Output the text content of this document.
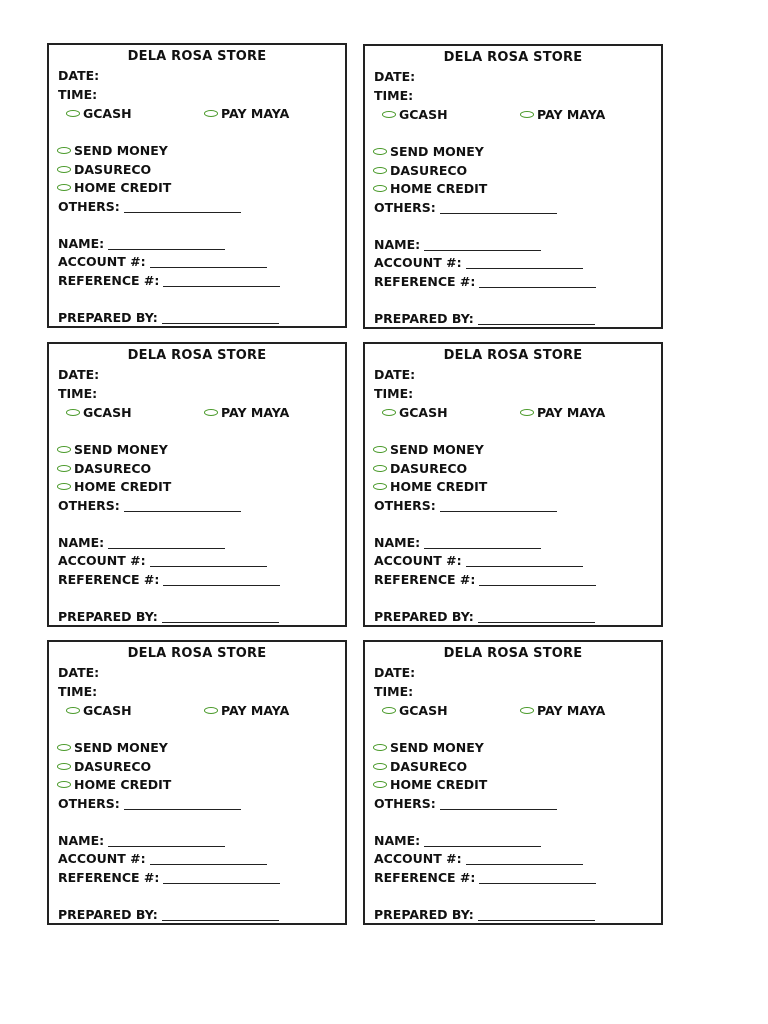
DELA ROSA STORE
DATE:
TIME:
GCASH	PAY MAYA
SEND MONEY
DASURECO
HOME CREDIT
OTHERS:
NAME:
ACCOUNT #:
REFERENCE #:
PREPARED BY:
DELA ROSA STORE
DATE:
TIME:
GCASH	PAY MAYA
SEND MONEY
DASURECO
HOME CREDIT
OTHERS:
NAME:
ACCOUNT #:
REFERENCE #:
PREPARED BY:
DELA ROSA STORE
DATE:
TIME:
GCASH	PAY MAYA
SEND MONEY
DASURECO
HOME CREDIT
OTHERS:
NAME:
ACCOUNT #:
REFERENCE #:
PREPARED BY:
DELA ROSA STORE
DATE:
TIME:
GCASH	PAY MAYA
SEND MONEY
DASURECO
HOME CREDIT
OTHERS:
NAME:
ACCOUNT #:
REFERENCE #:
PREPARED BY:
DELA ROSA STORE
DATE:
TIME:
GCASH	PAY MAYA
SEND MONEY
DASURECO
HOME CREDIT
OTHERS:
NAME:
ACCOUNT #:
REFERENCE #:
PREPARED BY:
DELA ROSA STORE
DATE:
TIME:
GCASH	PAY MAYA
SEND MONEY
DASURECO
HOME CREDIT
OTHERS:
NAME:
ACCOUNT #:
REFERENCE #:
PREPARED BY:
